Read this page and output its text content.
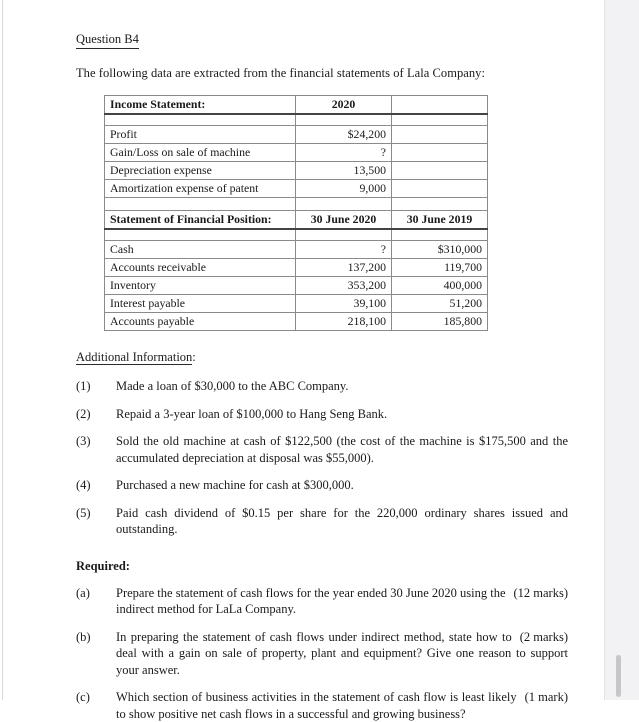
Question B4
The following data are extracted from the financial statements of Lala Company:
Income Statement:	2020	

Profit	$24,200	
Gain/Loss on sale of machine	?	
Depreciation expense	13,500	
Amortization expense of patent	9,000	

Statement of Financial Position:	30 June 2020	30 June 2019

Cash	?	$310,000
Accounts receivable	137,200	119,700
Inventory	353,200	400,000
Interest payable	39,100	51,200
Accounts payable	218,100	185,800
Additional Information:
(1)	Made a loan of $30,000 to the ABC Company.
(2)	Repaid a 3-year loan of $100,000 to Hang Seng Bank.
(3)	Sold the old machine at cash of $122,500 (the cost of the machine is $175,500 and the accumulated depreciation at disposal was $55,000).
(4)	Purchased a new machine for cash at $300,000.
(5)	Paid cash dividend of $0.15 per share for the 220,000 ordinary shares issued and outstanding.
Required:
(a)	(12 marks)
Prepare the statement of cash flows for the year ended 30 June 2020 using the indirect method for LaLa Company.
(b)	(2 marks)
In preparing the statement of cash flows under indirect method, state how to deal with a gain on sale of property, plant and equipment? Give one reason to support your answer.
(c)	(1 mark)
Which section of business activities in the statement of cash flow is least likely to show positive net cash flows in a successful and growing business?
